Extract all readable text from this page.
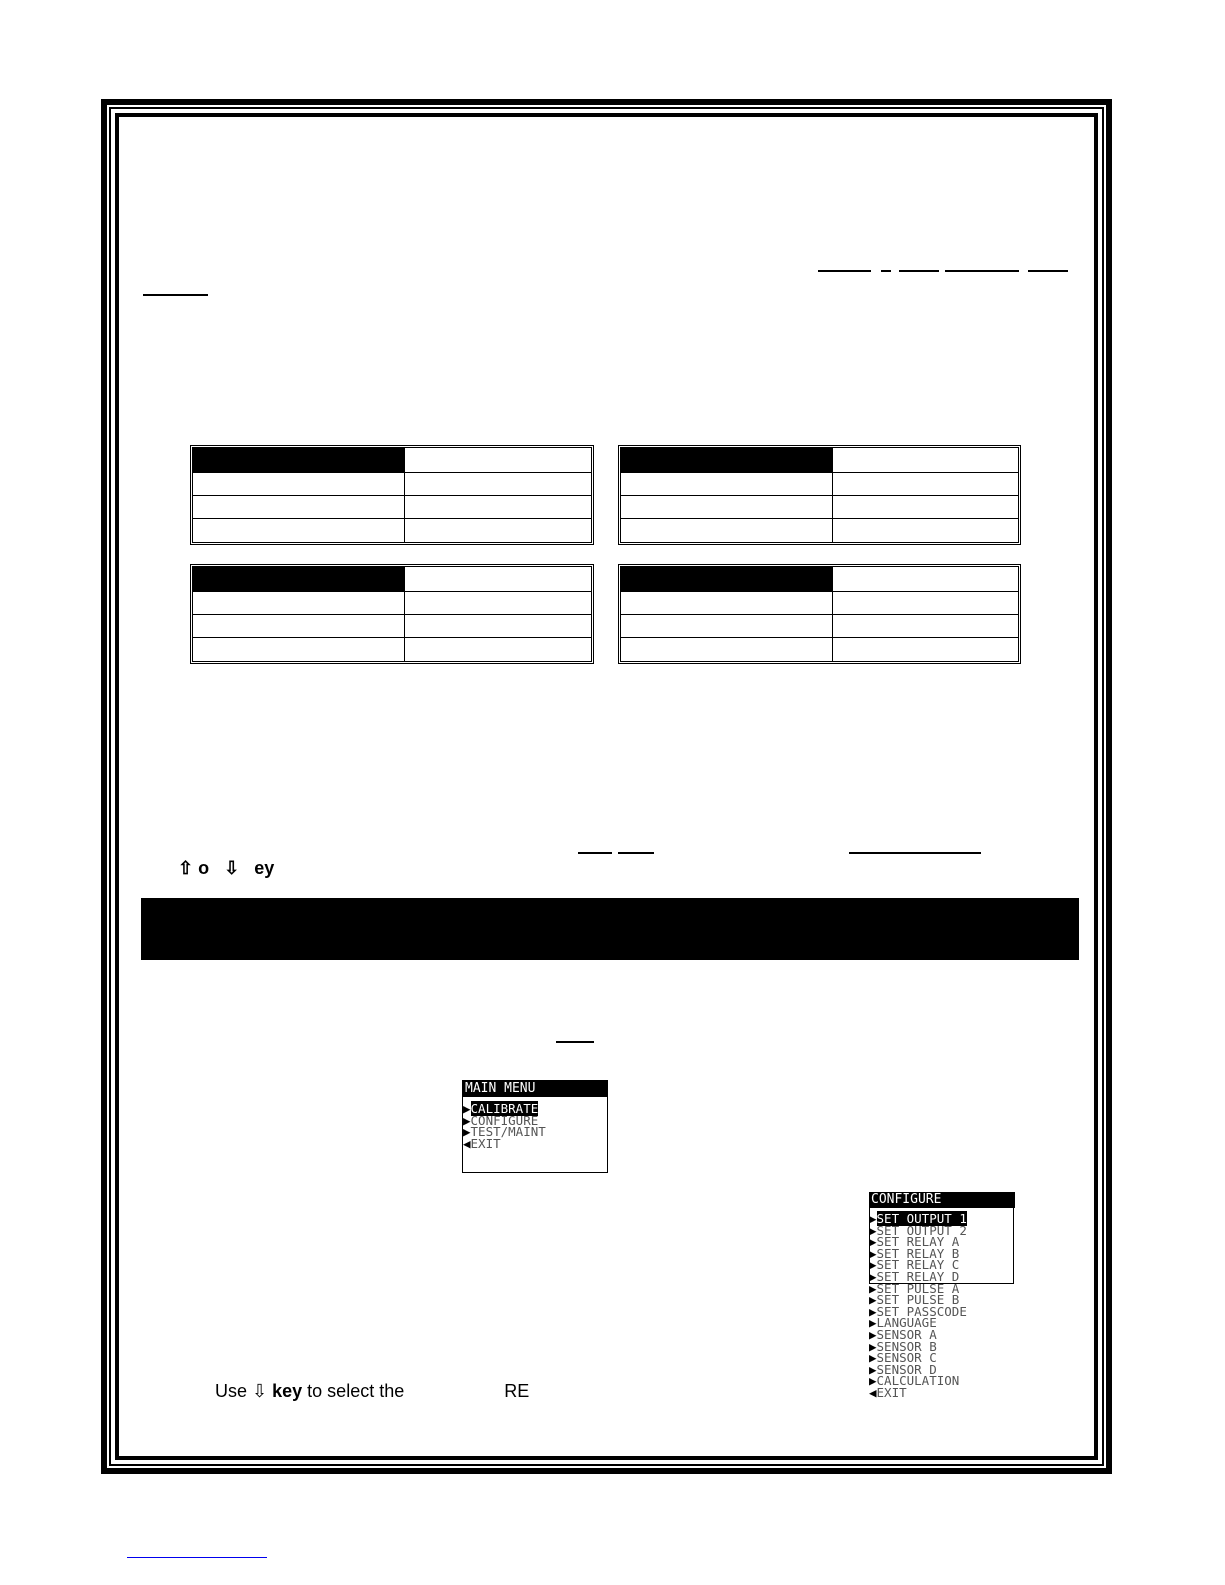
⇧ o ⇩ ey
MAIN MENU
▶CALIBRATE
▶CONFIGURE
▶TEST/MAINT
◀EXIT
CONFIGURE
▶SET OUTPUT 1
▶SET OUTPUT 2
▶SET RELAY A
▶SET RELAY B
▶SET RELAY C
▶SET RELAY D
▶SET PULSE A
▶SET PULSE B
▶SET PASSCODE
▶LANGUAGE
▶SENSOR A
▶SENSOR B
▶SENSOR C
▶SENSOR D
▶CALCULATION
◀EXIT
Use ⇩ key to select the	RE
